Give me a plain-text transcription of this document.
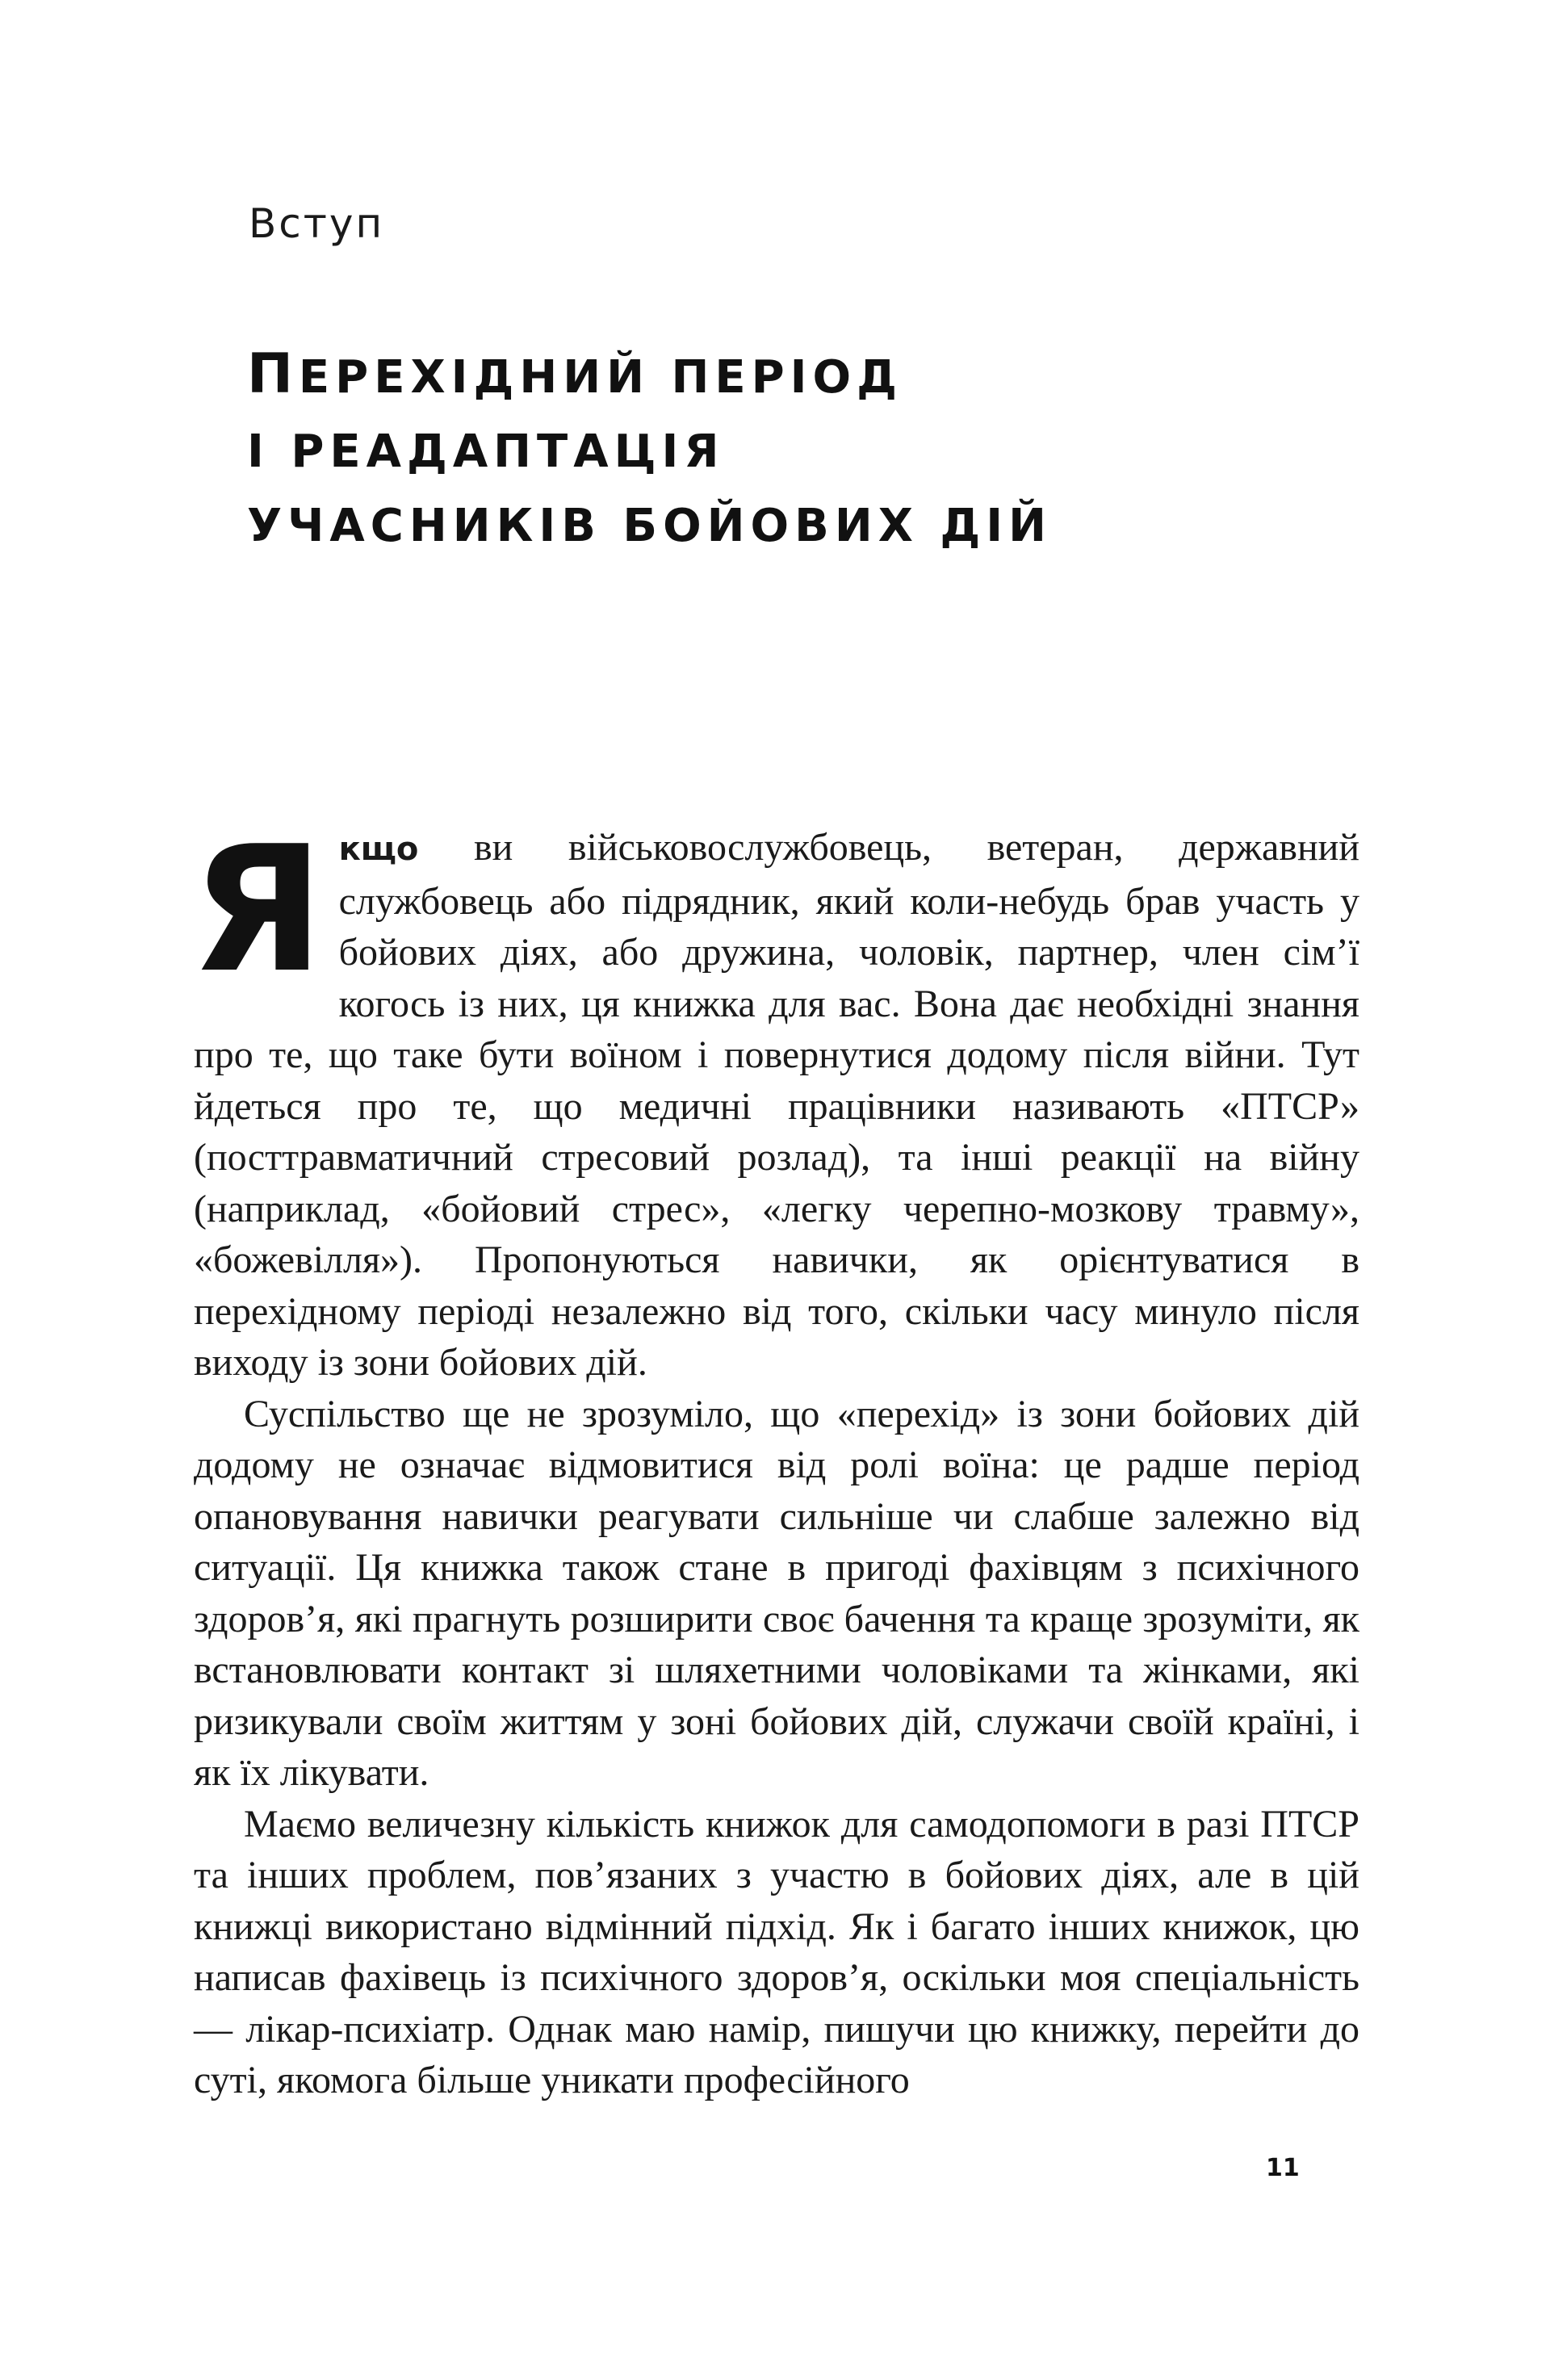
Вступ
ПЕРЕХІДНИЙ ПЕРІОД
І РЕАДАПТАЦІЯ
УЧАСНИКІВ БОЙОВИХ ДІЙ

Якщо ви військовослужбовець, ветеран, державний службовець або підрядник, який коли-небудь брав участь у бойових діях, або дружина, чоловік, партнер, член сім’ї когось із них, ця книжка для вас. Вона дає необхідні знання про те, що таке бути воїном і повернутися додому після війни. Тут йдеться про те, що медичні працівники називають «ПТСР» (посттравматичний стресовий розлад), та інші реакції на війну (наприклад, «бойовий стрес», «легку черепно-мозкову травму», «божевілля»). Пропонуються навички, як орієнтуватися в перехідному періоді незалежно від того, скільки часу минуло після виходу із зони бойових дій.

Суспільство ще не зрозуміло, що «перехід» із зони бойових дій додому не означає відмовитися від ролі воїна: це радше період опановування навички реагувати сильніше чи слабше залежно від ситуації. Ця книжка також стане в пригоді фахівцям з психічного здоров’я, які прагнуть розширити своє бачення та краще зрозуміти, як встановлювати контакт зі шляхетними чоловіками та жінками, які ризикували своїм життям у зоні бойових дій, служачи своїй країні, і як їх лікувати.

Маємо величезну кількість книжок для самодопомоги в разі ПТСР та інших проблем, пов’язаних з участю в бойових діях, але в цій книжці використано відмінний підхід. Як і багато інших книжок, цю написав фахівець із психічного здоров’я, оскільки моя спеціальність — лікар-психіатр. Однак маю намір, пишучи цю книжку, перейти до суті, якомога більше уникати професійного

11
